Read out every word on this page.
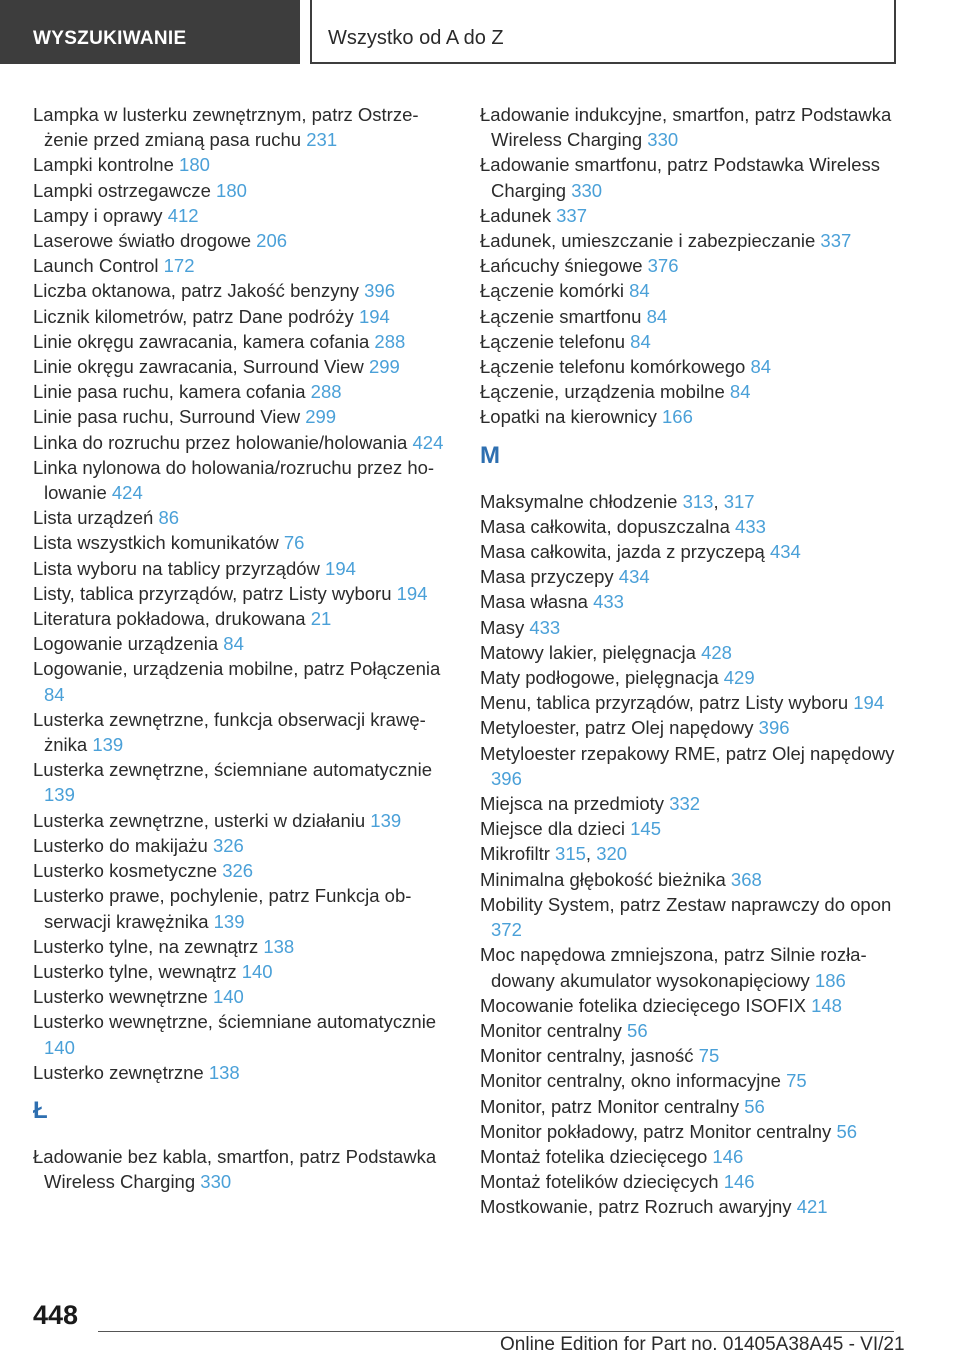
WYSZUKIWANIE	Wszystko od A do Z
Lampka w lusterku zewnętrznym, patrz Ostrzeżenie przed zmianą pasa ruchu 231
Lampki kontrolne 180
Lampki ostrzegawcze 180
Lampy i oprawy 412
Laserowe światło drogowe 206
Launch Control 172
Liczba oktanowa, patrz Jakość benzyny 396
Licznik kilometrów, patrz Dane podróży 194
Linie okręgu zawracania, kamera cofania 288
Linie okręgu zawracania, Surround View 299
Linie pasa ruchu, kamera cofania 288
Linie pasa ruchu, Surround View 299
Linka do rozruchu przez holowanie/holowania 424
Linka nylonowa do holowania/rozruchu przez holowanie 424
Lista urządzeń 86
Lista wszystkich komunikatów 76
Lista wyboru na tablicy przyrządów 194
Listy, tablica przyrządów, patrz Listy wyboru 194
Literatura pokładowa, drukowana 21
Logowanie urządzenia 84
Logowanie, urządzenia mobilne, patrz Połączenia 84
Lusterka zewnętrzne, funkcja obserwacji krawężnika 139
Lusterka zewnętrzne, ściemniane automatycznie 139
Lusterka zewnętrzne, usterki w działaniu 139
Lusterko do makijażu 326
Lusterko kosmetyczne 326
Lusterko prawe, pochylenie, patrz Funkcja obserwacji krawężnika 139
Lusterko tylne, na zewnątrz 138
Lusterko tylne, wewnątrz 140
Lusterko wewnętrzne 140
Lusterko wewnętrzne, ściemniane automatycznie 140
Lusterko zewnętrzne 138
Ł
Ładowanie bez kabla, smartfon, patrz Podstawka Wireless Charging 330
Ładowanie indukcyjne, smartfon, patrz Podstawka Wireless Charging 330
Ładowanie smartfonu, patrz Podstawka Wireless Charging 330
Ładunek 337
Ładunek, umieszczanie i zabezpieczanie 337
Łańcuchy śniegowe 376
Łączenie komórki 84
Łączenie smartfonu 84
Łączenie telefonu 84
Łączenie telefonu komórkowego 84
Łączenie, urządzenia mobilne 84
Łopatki na kierownicy 166
M
Maksymalne chłodzenie 313, 317
Masa całkowita, dopuszczalna 433
Masa całkowita, jazda z przyczepą 434
Masa przyczepy 434
Masa własna 433
Masy 433
Matowy lakier, pielęgnacja 428
Maty podłogowe, pielęgnacja 429
Menu, tablica przyrządów, patrz Listy wyboru 194
Metyloester, patrz Olej napędowy 396
Metyloester rzepakowy RME, patrz Olej napędowy 396
Miejsca na przedmioty 332
Miejsce dla dzieci 145
Mikrofiltr 315, 320
Minimalna głębokość bieżnika 368
Mobility System, patrz Zestaw naprawczy do opon 372
Moc napędowa zmniejszona, patrz Silnie rozładowany akumulator wysokonapięciowy 186
Mocowanie fotelika dziecięcego ISOFIX 148
Monitor centralny 56
Monitor centralny, jasność 75
Monitor centralny, okno informacyjne 75
Monitor, patrz Monitor centralny 56
Monitor pokładowy, patrz Monitor centralny 56
Montaż fotelika dziecięcego 146
Montaż fotelików dziecięcych 146
Mostkowanie, patrz Rozruch awaryjny 421
448
Online Edition for Part no. 01405A38A45 - VI/21
